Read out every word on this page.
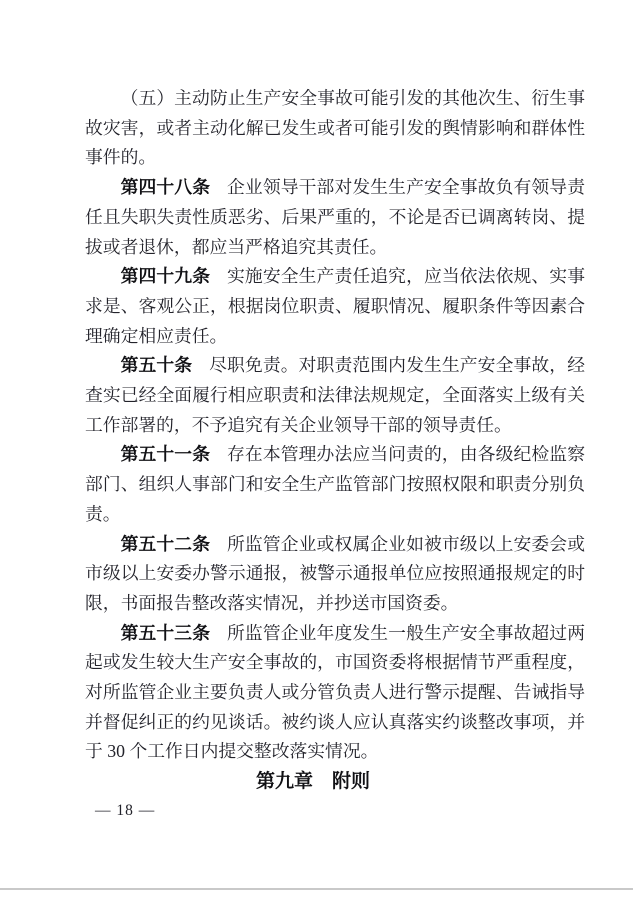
（五）主动防止生产安全事故可能引发的其他次生、衍生事故灾害，或者主动化解已发生或者可能引发的舆情影响和群体性事件的。

第四十八条 企业领导干部对发生生产安全事故负有领导责任且失职失责性质恶劣、后果严重的，不论是否已调离转岗、提拔或者退休，都应当严格追究其责任。

第四十九条 实施安全生产责任追究，应当依法依规、实事求是、客观公正，根据岗位职责、履职情况、履职条件等因素合理确定相应责任。

第五十条 尽职免责。对职责范围内发生生产安全事故，经查实已经全面履行相应职责和法律法规规定，全面落实上级有关工作部署的，不予追究有关企业领导干部的领导责任。

第五十一条 存在本管理办法应当问责的，由各级纪检监察部门、组织人事部门和安全生产监管部门按照权限和职责分别负责。

第五十二条 所监管企业或权属企业如被市级以上安委会或市级以上安委办警示通报，被警示通报单位应按照通报规定的时限，书面报告整改落实情况，并抄送市国资委。

第五十三条 所监管企业年度发生一般生产安全事故超过两起或发生较大生产安全事故的，市国资委将根据情节严重程度，对所监管企业主要负责人或分管负责人进行警示提醒、告诫指导并督促纠正的约见谈话。被约谈人应认真落实约谈整改事项，并于 30 个工作日内提交整改落实情况。

第九章　附则
— 18 —
